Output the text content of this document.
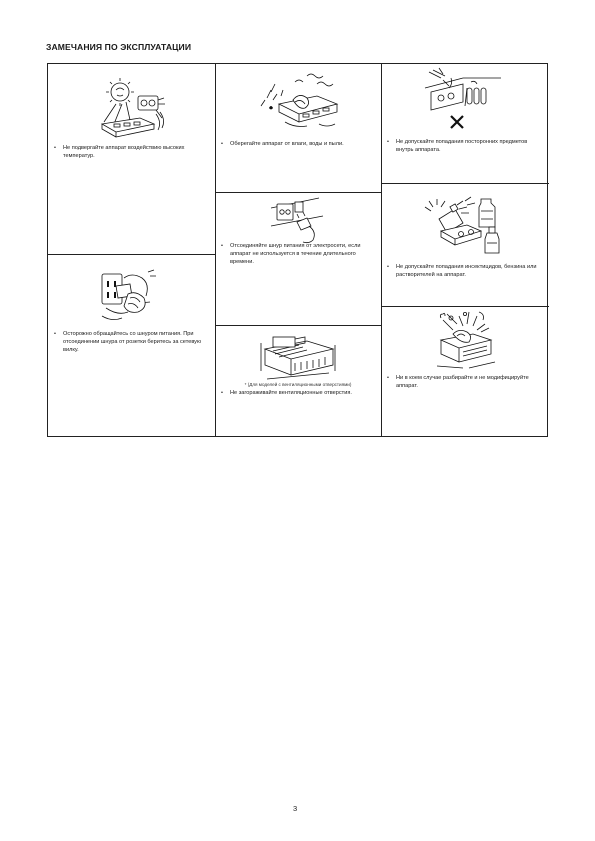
ЗАМЕЧАНИЯ ПО ЭКСПЛУАТАЦИИ
•	Не подвергайте аппарат воздействию высоких температур.
•	Осторожно обращайтесь со шнуром питания. При отсоединении шнура от розетки беритесь за сетевую вилку.
•	Оберегайте аппарат от влаги, воды и пыли.
•	Отсоединяйте шнур питания от электросети, если аппарат не используется в течение длительного времени.
* (Для моделей с вентиляционными отверстиями)
•	Не загораживайте вентиляционные отверстия.
•	Не допускайте попадания посторонних предметов внутрь аппарата.
•	Не допускайте попадания инсектицидов, бензина или растворителей на аппарат.
•	Ни в коем случае разбирайте и не модифицируйте аппарат.
3
